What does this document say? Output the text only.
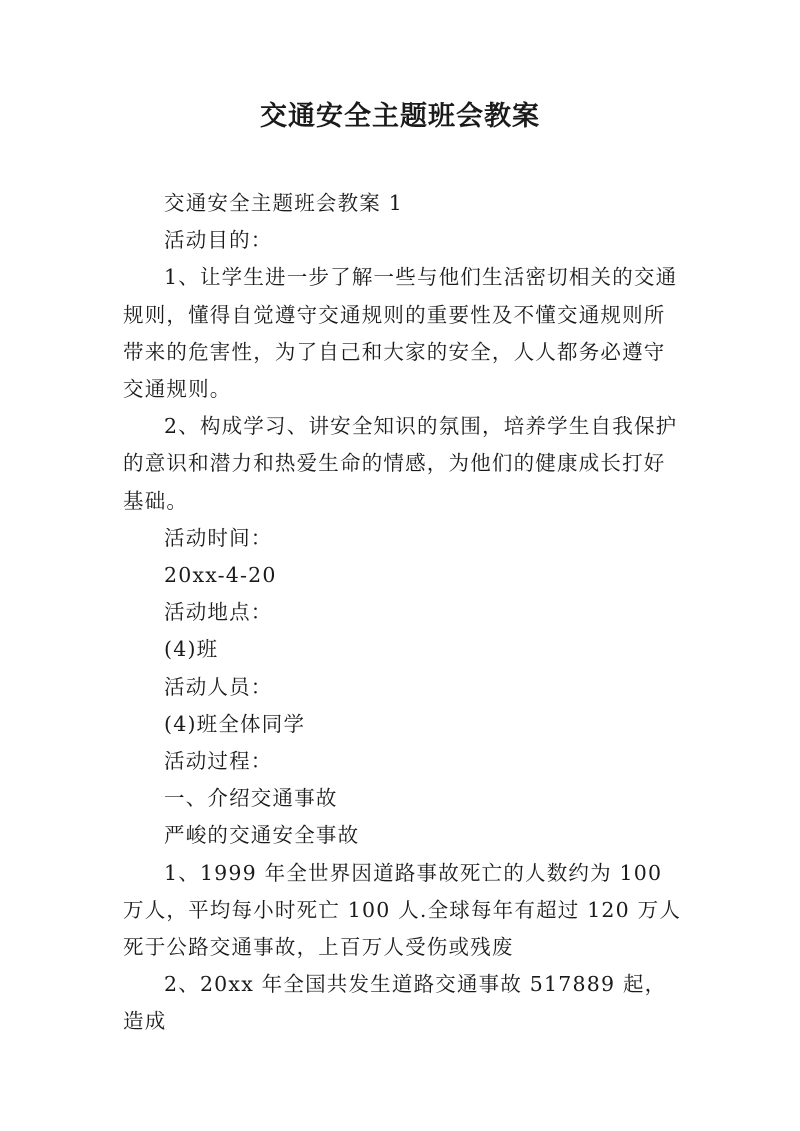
交通安全主题班会教案

交通安全主题班会教案 1

活动目的：

1、让学生进一步了解一些与他们生活密切相关的交通规则，懂得自觉遵守交通规则的重要性及不懂交通规则所带来的危害性，为了自己和大家的安全，人人都务必遵守交通规则。

2、构成学习、讲安全知识的氛围，培养学生自我保护的意识和潜力和热爱生命的情感，为他们的健康成长打好基础。

活动时间：

20xx-4-20

活动地点：

(4)班

活动人员：

(4)班全体同学

活动过程：

一、介绍交通事故

严峻的交通安全事故

1、1999 年全世界因道路事故死亡的人数约为 100 万人，平均每小时死亡 100 人.全球每年有超过 120 万人死于公路交通事故，上百万人受伤或残废

2、20xx 年全国共发生道路交通事故 517889 起，造成
